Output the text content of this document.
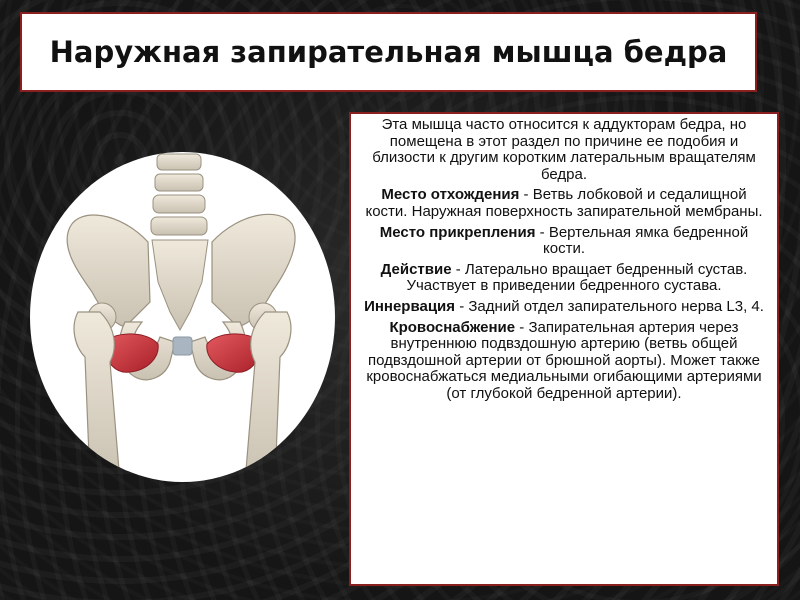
Наружная запирательная мышца бедра

Эта мышца часто относится к аддукторам бедра, но помещена в этот раздел по причине ее подобия и близости к другим коротким латеральным вращателям бедра.

Место отхождения - Ветвь лобковой и седалищной кости. Наружная поверхность запирательной мембраны.

Место прикрепления - Вертельная ямка бедренной кости.

Действие - Латерально вращает бедренный сустав. Участвует в приведении бедренного сустава.

Иннервация - Задний отдел запирательного нерва L3, 4.

Кровоснабжение - Запирательная артерия через внутреннюю подвздошную артерию (ветвь общей подвздошной артерии от брюшной аорты). Может также кровоснабжаться медиальными огибающими артериями (от глубокой бедренной артерии).
